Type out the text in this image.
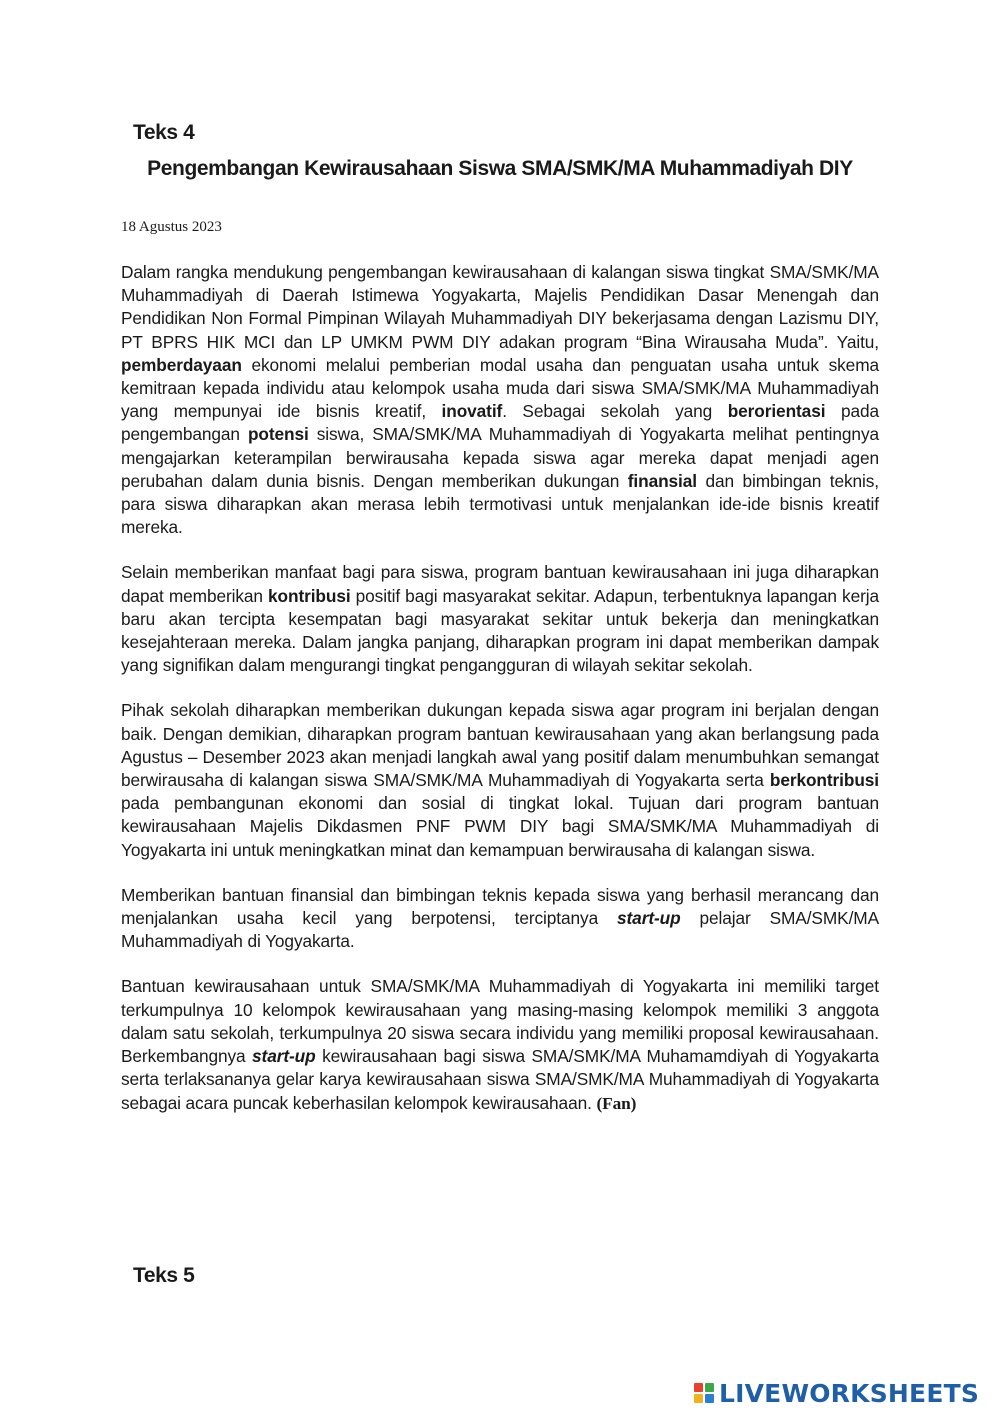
Teks 4
Pengembangan Kewirausahaan Siswa SMA/SMK/MA Muhammadiyah DIY

18 Agustus 2023

Dalam rangka mendukung pengembangan kewirausahaan di kalangan siswa tingkat SMA/SMK/MA Muhammadiyah di Daerah Istimewa Yogyakarta, Majelis Pendidikan Dasar Menengah dan Pendidikan Non Formal Pimpinan Wilayah Muhammadiyah DIY bekerjasama dengan Lazismu DIY, PT BPRS HIK MCI dan LP UMKM PWM DIY adakan program “Bina Wirausaha Muda”. Yaitu, pemberdayaan ekonomi melalui pemberian modal usaha dan penguatan usaha untuk skema kemitraan kepada individu atau kelompok usaha muda dari siswa SMA/SMK/MA Muhammadiyah yang mempunyai ide bisnis kreatif, inovatif. Sebagai sekolah yang berorientasi pada pengembangan potensi siswa, SMA/SMK/MA Muhammadiyah di Yogyakarta melihat pentingnya mengajarkan keterampilan berwirausaha kepada siswa agar mereka dapat menjadi agen perubahan dalam dunia bisnis. Dengan memberikan dukungan finansial dan bimbingan teknis, para siswa diharapkan akan merasa lebih termotivasi untuk menjalankan ide-ide bisnis kreatif mereka.

Selain memberikan manfaat bagi para siswa, program bantuan kewirausahaan ini juga diharapkan dapat memberikan kontribusi positif bagi masyarakat sekitar. Adapun, terbentuknya lapangan kerja baru akan tercipta kesempatan bagi masyarakat sekitar untuk bekerja dan meningkatkan kesejahteraan mereka. Dalam jangka panjang, diharapkan program ini dapat memberikan dampak yang signifikan dalam mengurangi tingkat pengangguran di wilayah sekitar sekolah.

Pihak sekolah diharapkan memberikan dukungan kepada siswa agar program ini berjalan dengan baik. Dengan demikian, diharapkan program bantuan kewirausahaan yang akan berlangsung pada Agustus – Desember 2023 akan menjadi langkah awal yang positif dalam menumbuhkan semangat berwirausaha di kalangan siswa SMA/SMK/MA Muhammadiyah di Yogyakarta serta berkontribusi pada pembangunan ekonomi dan sosial di tingkat lokal. Tujuan dari program bantuan kewirausahaan Majelis Dikdasmen PNF PWM DIY bagi SMA/SMK/MA Muhammadiyah di Yogyakarta ini untuk meningkatkan minat dan kemampuan berwirausaha di kalangan siswa.

Memberikan bantuan finansial dan bimbingan teknis kepada siswa yang berhasil merancang dan menjalankan usaha kecil yang berpotensi, terciptanya start-up pelajar SMA/SMK/MA Muhammadiyah di Yogyakarta.

Bantuan kewirausahaan untuk SMA/SMK/MA Muhammadiyah di Yogyakarta ini memiliki target terkumpulnya 10 kelompok kewirausahaan yang masing-masing kelompok memiliki 3 anggota dalam satu sekolah, terkumpulnya 20 siswa secara individu yang memiliki proposal kewirausahaan. Berkembangnya start-up kewirausahaan bagi siswa SMA/SMK/MA Muhamamdiyah di Yogyakarta serta terlaksananya gelar karya kewirausahaan siswa SMA/SMK/MA Muhammadiyah di Yogyakarta sebagai acara puncak keberhasilan kelompok kewirausahaan. (Fan)

Teks 5
LIVEWORKSHEETS
